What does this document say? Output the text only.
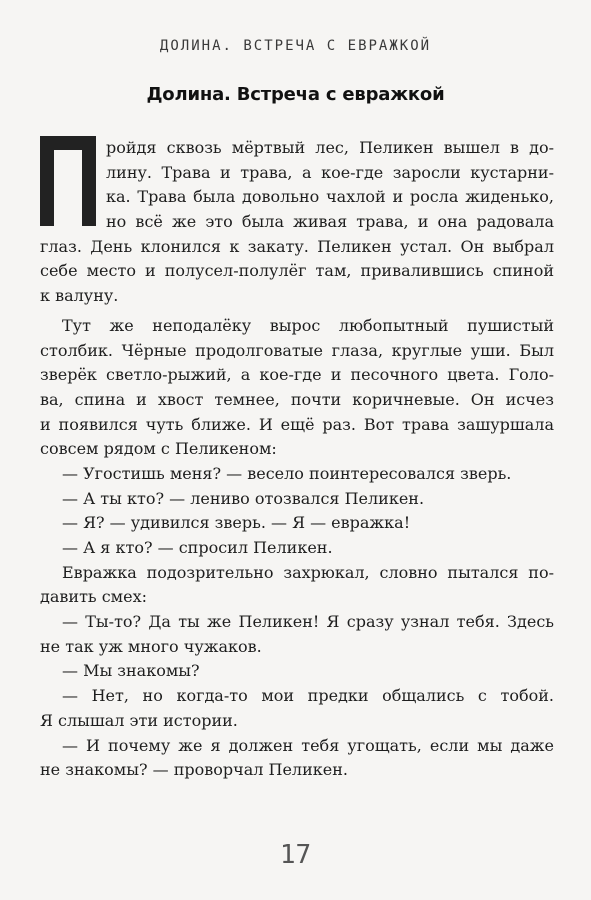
ДОЛИНА. ВСТРЕЧА С ЕВРАЖКОЙ
Долина. Встреча с евражкой
ройдя сквозь мёртвый лес, Пеликен вышел в до-
лину. Трава и трава, а кое-где заросли кустарни-
ка. Трава была довольно чахлой и росла жиденько,
но всё же это была живая трава, и она радовала
глаз. День клонился к закату. Пеликен устал. Он выбрал
себе место и полусел-полулёг там, привалившись спиной
к валуну.
Тут же неподалёку вырос любопытный пушистый
столбик. Чёрные продолговатые глаза, круглые уши. Был
зверёк светло-рыжий, а кое-где и песочного цвета. Голо-
ва, спина и хвост темнее, почти коричневые. Он исчез
и появился чуть ближе. И ещё раз. Вот трава зашуршала
совсем рядом с Пеликеном:
— Угостишь меня? — весело поинтересовался зверь.
— А ты кто? — лениво отозвался Пеликен.
— Я? — удивился зверь. — Я — евражка!
— А я кто? — спросил Пеликен.
Евражка подозрительно захрюкал, словно пытался по-
давить смех:
— Ты-то? Да ты же Пеликен! Я сразу узнал тебя. Здесь
не так уж много чужаков.
— Мы знакомы?
— Нет, но когда-то мои предки общались с тобой.
Я слышал эти истории.
— И почему же я должен тебя угощать, если мы даже
не знакомы? — проворчал Пеликен.
17
